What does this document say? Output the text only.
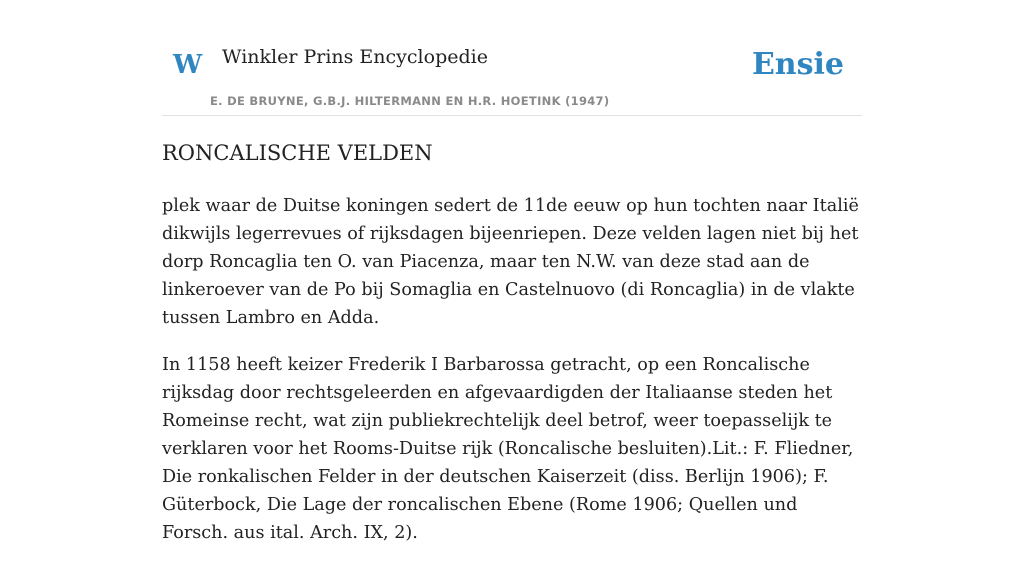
W Winkler Prins Encyclopedie
E. DE BRUYNE, G.B.J. HILTERMANN EN H.R. HOETINK (1947)
Ensie
RONCALISCHE VELDEN

plek waar de Duitse koningen sedert de 11de eeuw op hun tochten naar Italië dikwijls legerrevues of rijksdagen bijeenriepen. Deze velden lagen niet bij het dorp Roncaglia ten O. van Piacenza, maar ten N.W. van deze stad aan de linkeroever van de Po bij Somaglia en Castelnuovo (di Roncaglia) in de vlakte tussen Lambro en Adda.

In 1158 heeft keizer Frederik I Barbarossa getracht, op een Roncalische rijksdag door rechtsgeleerden en afgevaardigden der Italiaanse steden het Romeinse recht, wat zijn publiekrechtelijk deel betrof, weer toepasselijk te verklaren voor het Rooms-Duitse rijk (Roncalische besluiten).Lit.: F. Fliedner, Die ronkalischen Felder in der deutschen Kaiserzeit (diss. Berlijn 1906); F. Güterbock, Die Lage der roncalischen Ebene (Rome 1906; Quellen und Forsch. aus ital. Arch. IX, 2).
